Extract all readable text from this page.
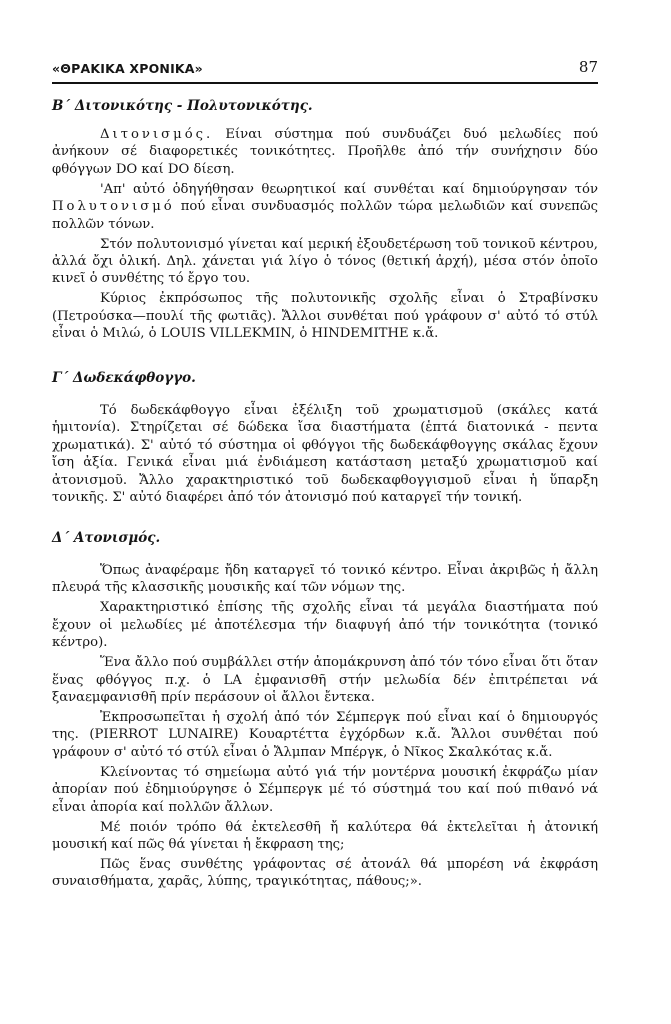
«ΘΡΑΚΙΚΑ ΧΡΟΝΙΚΑ»	87
Β΄ Διτονικότης - Πολυτονικότης.

Διτονισμός. Είναι σύστημα πού συνδυάζει δυό μελωδίες πού ἀνήκουν σέ διαφορετικές τονικότητες. Προῆλθε ἀπό τήν συνήχησιν δύο φθόγγων DO καί DO δίεση.

'Απ' αὐτό ὁδηγήθησαν θεωρητικοί καί συνθέται καί δημιούργησαν τόν Πολυτονισμό πού εἶναι συνδυασμός πολλῶν τώρα μελωδιῶν καί συνεπῶς πολλῶν τόνων.

Στόν πολυτονισμό γίνεται καί μερική ἐξουδετέρωση τοῦ τονικοῦ κέντρου, ἀλλά ὄχι ὁλική. Δηλ. χάνεται γιά λίγο ὁ τόνος (θετική ἀρχή), μέσα στόν ὁποῖο κινεῖ ὁ συνθέτης τό ἔργο του.

Κύριος ἐκπρόσωπος τῆς πολυτονικῆς σχολῆς εἶναι ὁ Στραβίνσκυ (Πετρούσκα—πουλί τῆς φωτιᾶς). Ἄλλοι συνθέται πού γράφουν σ' αὐτό τό στύλ εἶναι ὁ Μιλώ, ὁ LOUIS VILLEKMIN, ὁ HINDEMITHE κ.ἄ.

Γ΄ Δωδεκάφθογγο.

Τό δωδεκάφθογγο εἶναι ἐξέλιξη τοῦ χρωματισμοῦ (σκάλες κατά ἡμιτονία). Στηρίζεται σέ δώδεκα ἴσα διαστήματα (ἑπτά διατονικά - πεντα χρωματικά). Σ' αὐτό τό σύστημα οἱ φθόγγοι τῆς δωδεκάφθογγης σκάλας ἔχουν ἴση ἀξία. Γενικά εἶναι μιά ἐνδιάμεση κατάσταση μεταξύ χρωματισμοῦ καί ἀτονισμοῦ. Ἄλλο χαρακτηριστικό τοῦ δωδεκαφθογγισμοῦ εἶναι ἡ ὕπαρξη τονικῆς. Σ' αὐτό διαφέρει ἀπό τόν ἀτονισμό πού καταργεῖ τήν τονική.

Δ΄ Ατονισμός.

Ὅπως ἀναφέραμε ἤδη καταργεῖ τό τονικό κέντρο. Εἶναι ἀκριβῶς ἡ ἄλλη πλευρά τῆς κλασσικῆς μουσικῆς καί τῶν νόμων της.

Χαρακτηριστικό ἐπίσης τῆς σχολῆς εἶναι τά μεγάλα διαστήματα πού ἔχουν οἱ μελωδίες μέ ἀποτέλεσμα τήν διαφυγή ἀπό τήν τονικότητα (τονικό κέντρο).

Ἕνα ἄλλο πού συμβάλλει στήν ἀπομάκρυνση ἀπό τόν τόνο εἶναι ὅτι ὅταν ἕνας φθόγγος π.χ. ὁ LA ἐμφανισθῆ στήν μελωδία δέν ἐπιτρέπεται νά ξαναεμφανισθῆ πρίν περάσουν οἱ ἄλλοι ἔντεκα.

Ἐκπροσωπεῖται ἡ σχολή ἀπό τόν Σέμπεργκ πού εἶναι καί ὁ δημιουργός της. (PIERROT LUNAIRE) Κουαρτέττα ἐγχόρδων κ.ἄ. Ἄλλοι συνθέται πού γράφουν σ' αὐτό τό στύλ εἶναι ὁ Ἄλμπαν Μπέργκ, ὁ Νῖκος Σκαλκότας κ.ἄ.

Κλείνοντας τό σημείωμα αὐτό γιά τήν μοντέρνα μουσική ἐκφράζω μίαν ἀπορίαν πού ἐδημιούργησε ὁ Σέμπεργκ μέ τό σύστημά του καί πού πιθανό νά εἶναι ἀπορία καί πολλῶν ἄλλων.

Μέ ποιόν τρόπο θά ἐκτελεσθῆ ἤ καλύτερα θά ἐκτελεῖται ἡ ἀτονική μουσική καί πῶς θά γίνεται ἡ ἔκφραση της;

Πῶς ἕνας συνθέτης γράφοντας σέ ἀτονάλ θά μπορέση νά ἐκφράση συναισθήματα, χαρᾶς, λύπης, τραγικότητας, πάθους;».
